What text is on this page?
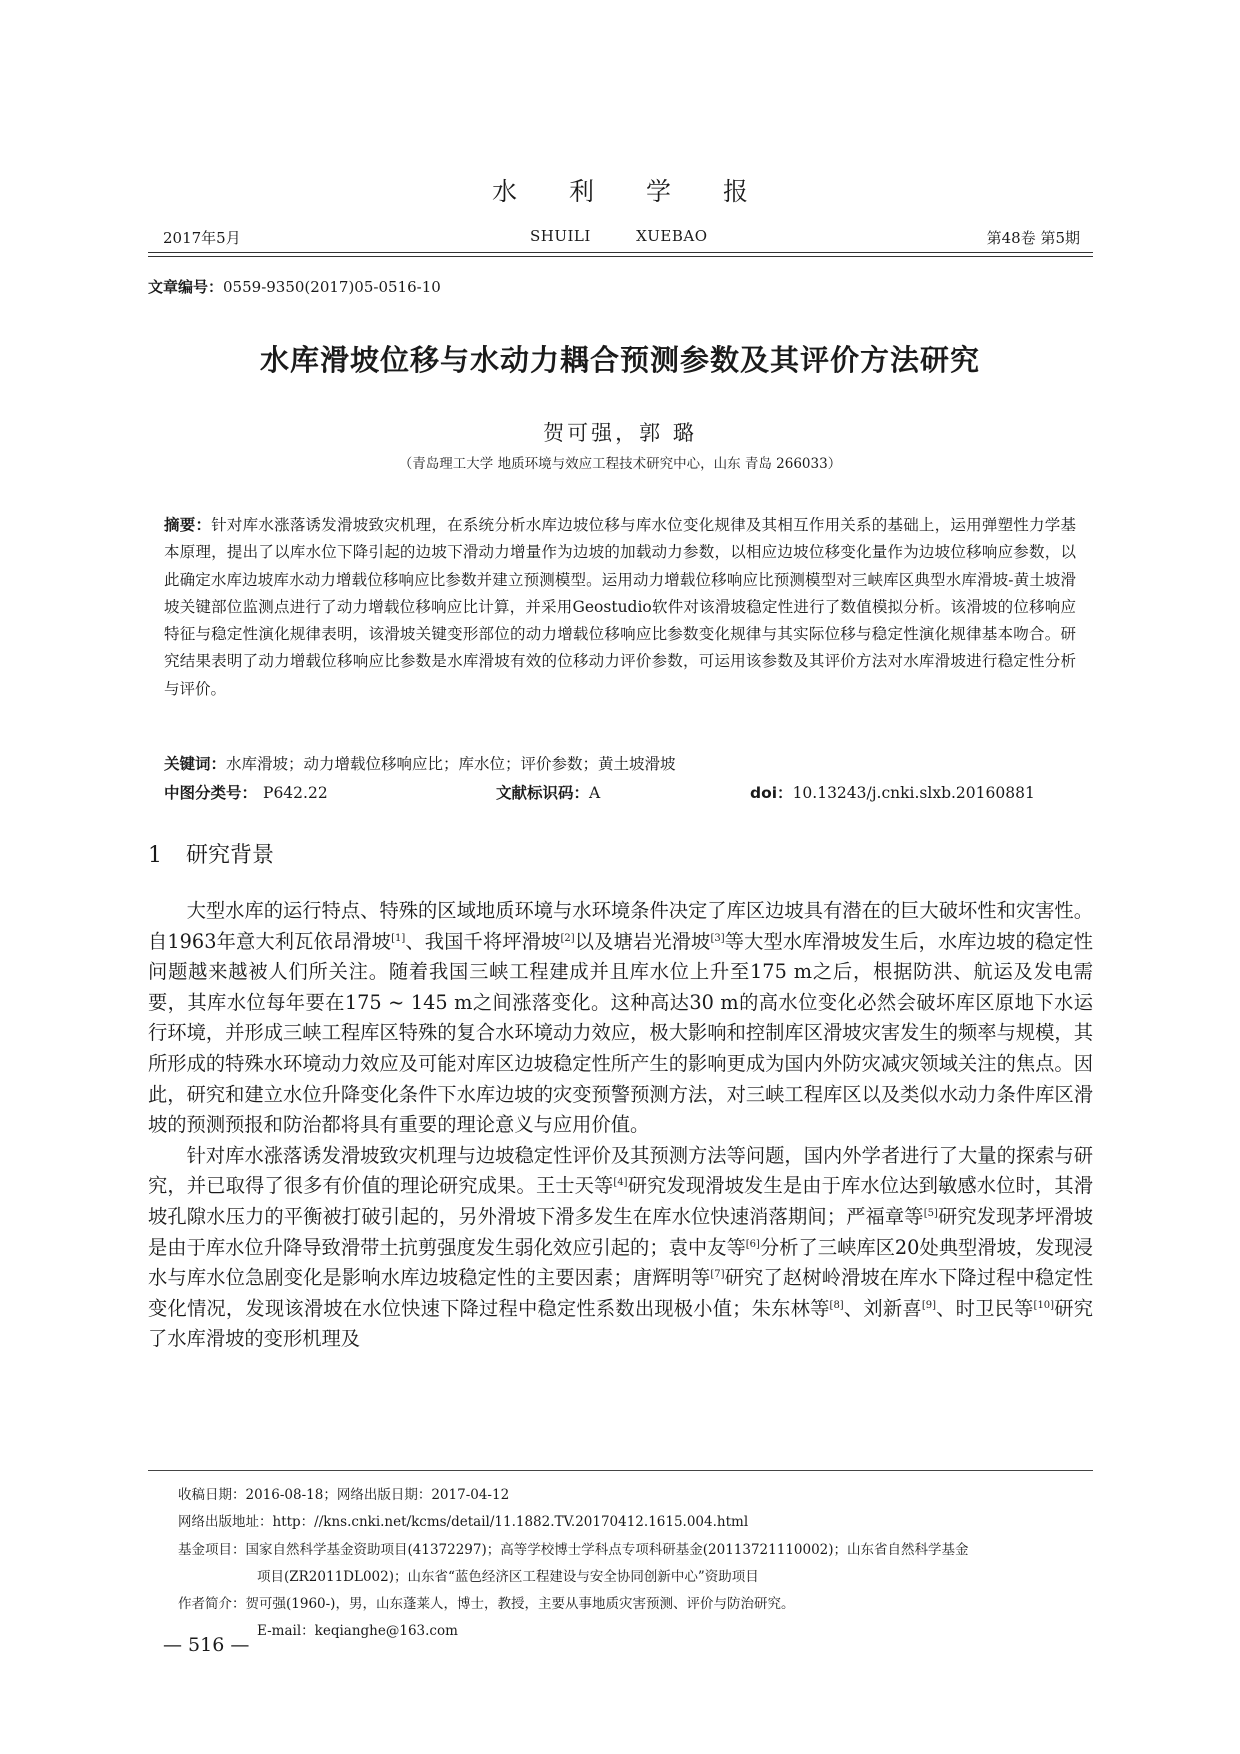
水利学报
2017年5月	SHUILI XUEBAO	第48卷 第5期
文章编号：0559-9350(2017)05-0516-10
水库滑坡位移与水动力耦合预测参数及其评价方法研究
贺可强，郭 璐
（青岛理工大学 地质环境与效应工程技术研究中心，山东 青岛 266033）
摘要：针对库水涨落诱发滑坡致灾机理，在系统分析水库边坡位移与库水位变化规律及其相互作用关系的基础上，运用弹塑性力学基本原理，提出了以库水位下降引起的边坡下滑动力增量作为边坡的加载动力参数，以相应边坡位移变化量作为边坡位移响应参数，以此确定水库边坡库水动力增载位移响应比参数并建立预测模型。运用动力增载位移响应比预测模型对三峡库区典型水库滑坡-黄土坡滑坡关键部位监测点进行了动力增载位移响应比计算，并采用Geostudio软件对该滑坡稳定性进行了数值模拟分析。该滑坡的位移响应特征与稳定性演化规律表明，该滑坡关键变形部位的动力增载位移响应比参数变化规律与其实际位移与稳定性演化规律基本吻合。研究结果表明了动力增载位移响应比参数是水库滑坡有效的位移动力评价参数，可运用该参数及其评价方法对水库滑坡进行稳定性分析与评价。
关键词：水库滑坡；动力增载位移响应比；库水位；评价参数；黄土坡滑坡
中图分类号： P642.22	文献标识码：A	doi：10.13243/j.cnki.slxb.20160881
1 研究背景

大型水库的运行特点、特殊的区域地质环境与水环境条件决定了库区边坡具有潜在的巨大破坏性和灾害性。自1963年意大利瓦依昂滑坡[1]、我国千将坪滑坡[2]以及塘岩光滑坡[3]等大型水库滑坡发生后，水库边坡的稳定性问题越来越被人们所关注。随着我国三峡工程建成并且库水位上升至175 m之后，根据防洪、航运及发电需要，其库水位每年要在175 ~ 145 m之间涨落变化。这种高达30 m的高水位变化必然会破坏库区原地下水运行环境，并形成三峡工程库区特殊的复合水环境动力效应，极大影响和控制库区滑坡灾害发生的频率与规模，其所形成的特殊水环境动力效应及可能对库区边坡稳定性所产生的影响更成为国内外防灾减灾领域关注的焦点。因此，研究和建立水位升降变化条件下水库边坡的灾变预警预测方法，对三峡工程库区以及类似水动力条件库区滑坡的预测预报和防治都将具有重要的理论意义与应用价值。

针对库水涨落诱发滑坡致灾机理与边坡稳定性评价及其预测方法等问题，国内外学者进行了大量的探索与研究，并已取得了很多有价值的理论研究成果。王士天等[4]研究发现滑坡发生是由于库水位达到敏感水位时，其滑坡孔隙水压力的平衡被打破引起的，另外滑坡下滑多发生在库水位快速消落期间；严福章等[5]研究发现茅坪滑坡是由于库水位升降导致滑带土抗剪强度发生弱化效应引起的；袁中友等[6]分析了三峡库区20处典型滑坡，发现浸水与库水位急剧变化是影响水库边坡稳定性的主要因素；唐辉明等[7]研究了赵树岭滑坡在库水下降过程中稳定性变化情况，发现该滑坡在水位快速下降过程中稳定性系数出现极小值；朱东林等[8]、刘新喜[9]、时卫民等[10]研究了水库滑坡的变形机理及

收稿日期：2016-08-18；网络出版日期：2017-04-12
网络出版地址：http：//kns.cnki.net/kcms/detail/11.1882.TV.20170412.1615.004.html
基金项目：国家自然科学基金资助项目(41372297)；高等学校博士学科点专项科研基金(20113721110002)；山东省自然科学基金
项目(ZR2011DL002)；山东省“蓝色经济区工程建设与安全协同创新中心”资助项目
作者简介：贺可强(1960-)，男，山东蓬莱人，博士，教授，主要从事地质灾害预测、评价与防治研究。
E-mail：keqianghe@163.com
— 516 —
